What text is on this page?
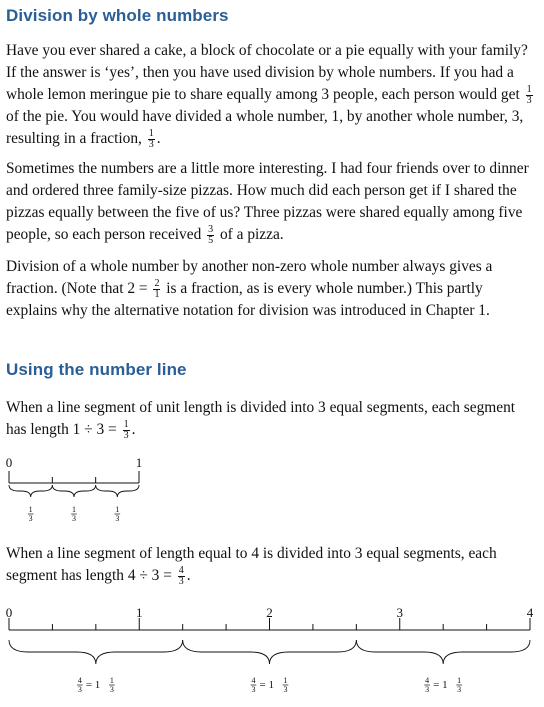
Division by whole numbers

Have you ever shared a cake, a block of chocolate or a pie equally with your family? If the answer is ‘yes’, then you have used division by whole numbers. If you had a whole lemon meringue pie to share equally among 3 people, each person would get $\frac{1}{3}$
of the pie. You would have divided a whole number, 1, by another whole number, 3, resulting in a fraction, $\frac{1}{3}$ .

Sometimes the numbers are a little more interesting. I had four friends over to dinner and ordered three family-size pizzas. How much did each person get if I shared the pizzas equally between the five of us? Three pizzas were shared equally among five people, so each person received $\frac{3}{5}$ of a pizza.

Division of a whole number by another non-zero whole number always gives a fraction. (Note that $2 = \frac{2}{1}$ is a fraction, as is every whole number.) This partly explains why the alternative notation for division was introduced in Chapter 1.

Using the number line

When a line segment of unit length is divided into 3 equal segments, each segment has length $1 \div 3 = \frac{1}{3}$ .

0	1
1
3
1
3
1
3

When a line segment of length equal to 4 is divided into 3 equal segments, each segment has length $4 \div 3 = \frac{4}{3}$ .

0	1	2	3	4
4
3 = 1 1
3
4
3 = 1 1
3
4
3 = 1 1
3
